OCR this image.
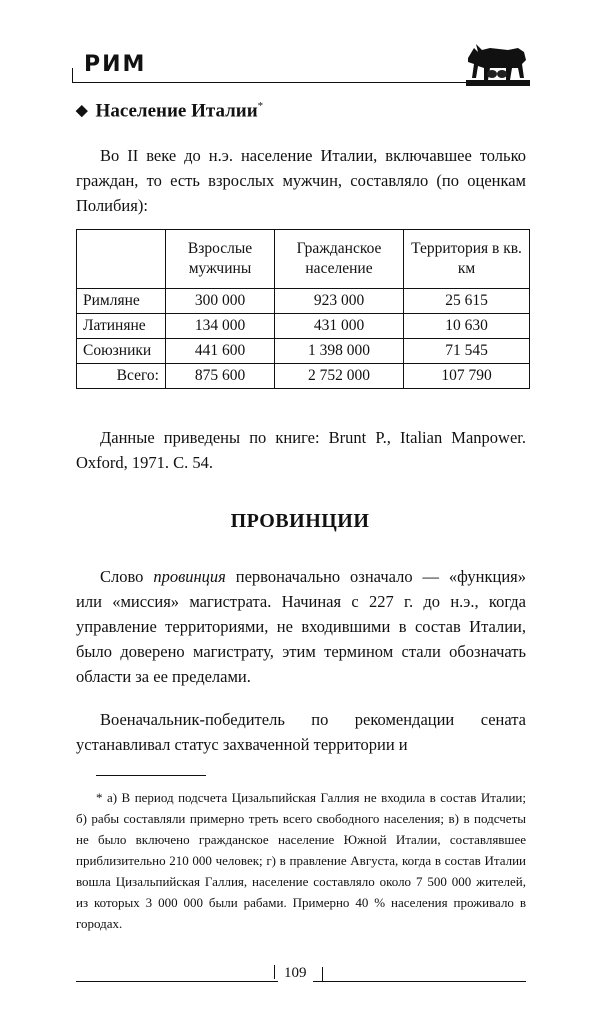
РИМ
◆ Население Италии*
Во II веке до н.э. население Италии, включавшее только граждан, то есть взрослых мужчин, составляло (по оценкам Полибия):
	Взрослые мужчины	Гражданское население	Территория в кв. км
Римляне	300 000	923 000	25 615
Латиняне	134 000	431 000	10 630
Союзники	441 600	1 398 000	71 545
Всего:	875 600	2 752 000	107 790
Данные приведены по книге: Brunt P., Italian Manpower. Oxford, 1971. С. 54.
ПРОВИНЦИИ
Слово провинция первоначально означало — «функция» или «миссия» магистрата. Начиная с 227 г. до н.э., когда управление территориями, не входившими в состав Италии, было доверено магистрату, этим термином стали обозначать области за ее пределами.
Военачальник-победитель по рекомендации сената устанавливал статус захваченной территории и
* а) В период подсчета Цизальпийская Галлия не входила в состав Италии; б) рабы составляли примерно треть всего свободного населения; в) в подсчеты не было включено гражданское население Южной Италии, составлявшее приблизительно 210 000 человек; г) в правление Августа, когда в состав Италии вошла Цизальпийская Галлия, население составляло около 7 500 000 жителей, из которых 3 000 000 были рабами. Примерно 40 % населения проживало в городах.
109
